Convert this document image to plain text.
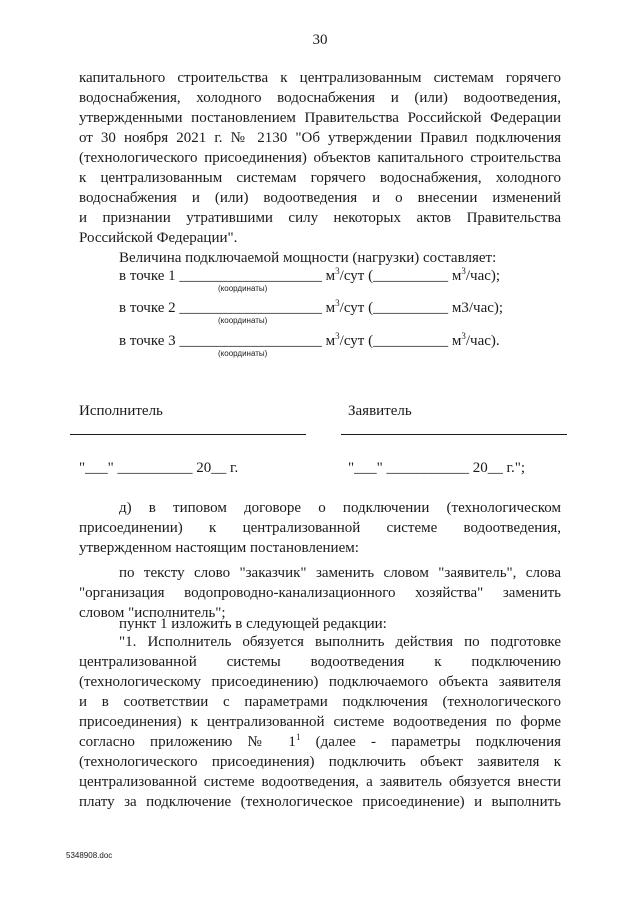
30

капитального строительства к централизованным системам горячего

водоснабжения, холодного водоснабжения и (или) водоотведения,

утвержденными постановлением Правительства Российской Федерации

от 30 ноября 2021 г. № 2130 "Об утверждении Правил подключения

(технологического присоединения) объектов капитального строительства

к централизованным системам горячего водоснабжения, холодного

водоснабжения и (или) водоотведения и о внесении изменений

и признании утратившими силу некоторых актов Правительства

Российской Федерации".

Величина подключаемой мощности (нагрузки) составляет:
в точке 1 ___________________ $м^3$/сут (__________ $м^3/час$);
(координаты)
в точке 2 ___________________ $м^3$/сут (__________ м3/час);
(координаты)
в точке 3 ___________________ $м^3$/сут (__________ $м^3/час$).
(координаты)
Исполнитель	Заявитель
"___" __________ 20__ г.	"___" ___________ 20__ г.";

д) в типовом договоре о подключении (технологическом

присоединении) к централизованной системе водоотведения,

утвержденном настоящим постановлением:

по тексту слово "заказчик" заменить словом "заявитель", слова

"организация водопроводно-канализационного хозяйства" заменить

словом "исполнитель";

пункт 1 изложить в следующей редакции:

"1. Исполнитель обязуется выполнить действия по подготовке

централизованной системы водоотведения к подключению

(технологическому присоединению) подключаемого объекта заявителя

и в соответствии с параметрами подключения (технологического

присоединения) к централизованной системе водоотведения по форме

согласно приложению № $1^1$ (далее - параметры подключения

(технологического присоединения) подключить объект заявителя к

централизованной системе водоотведения, а заявитель обязуется внести

плату за подключение (технологическое присоединение) и выполнить

5348908.doc
